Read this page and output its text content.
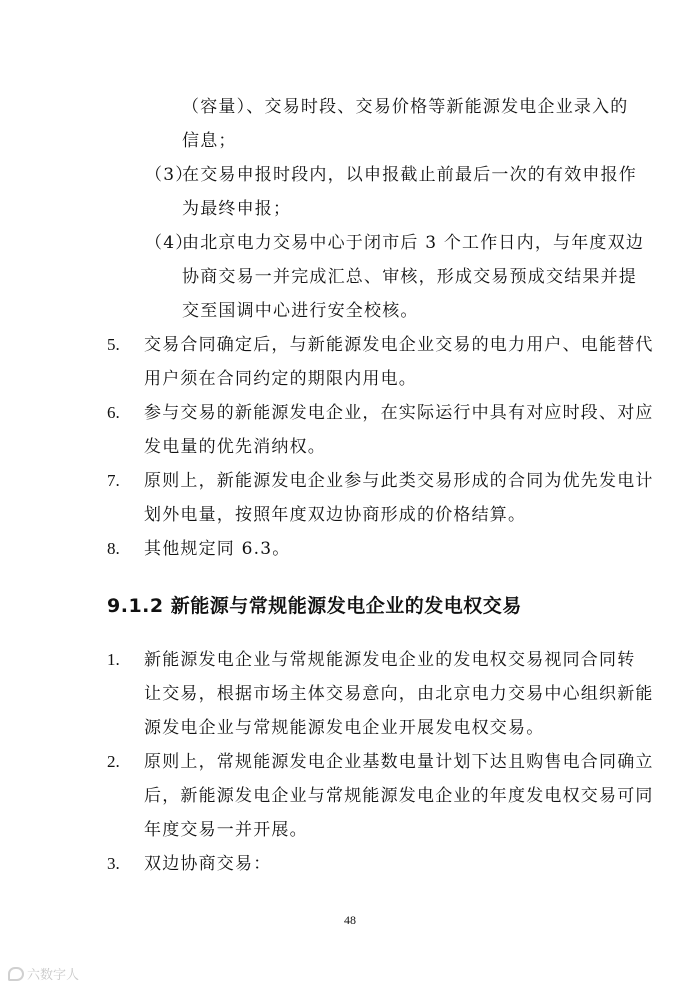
（容量）、交易时段、交易价格等新能源发电企业录入的
信息；
（3）
在交易申报时段内，以申报截止前最后一次的有效申报作
为最终申报；
（4）
由北京电力交易中心于闭市后 3 个工作日内，与年度双边
协商交易一并完成汇总、审核，形成交易预成交结果并提
交至国调中心进行安全校核。
5. 交易合同确定后，与新能源发电企业交易的电力用户、电能替代
用户须在合同约定的期限内用电。
6. 参与交易的新能源发电企业，在实际运行中具有对应时段、对应
发电量的优先消纳权。
7. 原则上，新能源发电企业参与此类交易形成的合同为优先发电计
划外电量，按照年度双边协商形成的价格结算。
8. 其他规定同 6.3。
9.1.2 新能源与常规能源发电企业的发电权交易
1. 新能源发电企业与常规能源发电企业的发电权交易视同合同转
让交易，根据市场主体交易意向，由北京电力交易中心组织新能
源发电企业与常规能源发电企业开展发电权交易。
2. 原则上，常规能源发电企业基数电量计划下达且购售电合同确立
后，新能源发电企业与常规能源发电企业的年度发电权交易可同
年度交易一并开展。
3. 双边协商交易：
48
六数字人
